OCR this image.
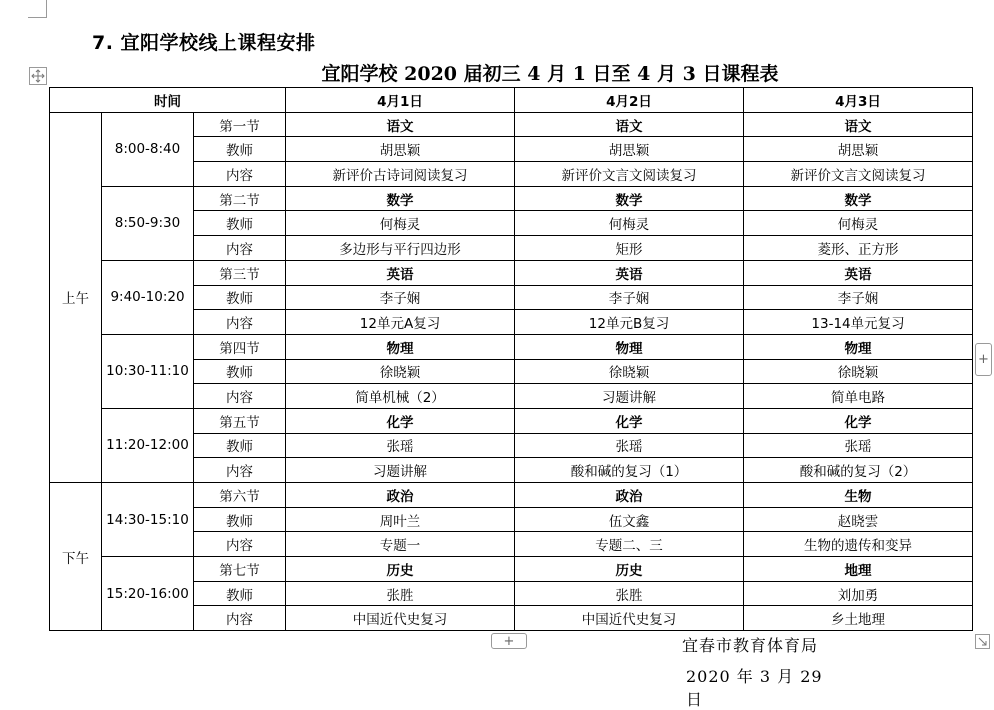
7. 宜阳学校线上课程安排
宜阳学校 2020 届初三 4 月 1 日至 4 月 3 日课程表
时间			4月1日	4月2日	4月3日
上午	8:00-8:40	第一节	语文	语文	语文
		教师	胡思颖	胡思颖	胡思颖
		内容	新评价古诗词阅读复习	新评价文言文阅读复习	新评价文言文阅读复习
	8:50-9:30	第二节	数学	数学	数学
		教师	何梅灵	何梅灵	何梅灵
		内容	多边形与平行四边形	矩形	菱形、正方形
	9:40-10:20	第三节	英语	英语	英语
		教师	李子娴	李子娴	李子娴
		内容	12单元A复习	12单元B复习	13-14单元复习
	10:30-11:10	第四节	物理	物理	物理
		教师	徐晓颖	徐晓颖	徐晓颖
		内容	简单机械（2）	习题讲解	简单电路
	11:20-12:00	第五节	化学	化学	化学
		教师	张瑶	张瑶	张瑶
		内容	习题讲解	酸和碱的复习（1）	酸和碱的复习（2）
下午	14:30-15:10	第六节	政治	政治	生物
		教师	周叶兰	伍文鑫	赵晓雲
		内容	专题一	专题二、三	生物的遗传和变异
	15:20-16:00	第七节	历史	历史	地理
		教师	张胜	张胜	刘加勇
		内容	中国近代史复习	中国近代史复习	乡土地理
+
+	宜春市教育体育局
2020 年 3 月 29 日
